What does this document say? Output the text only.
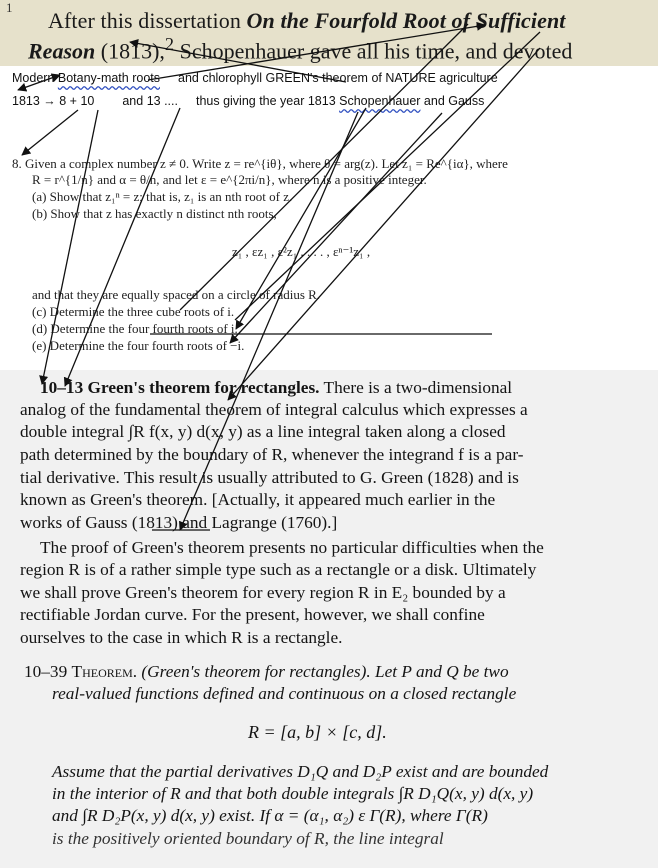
1
After this dissertation On the Fourfold Root of Sufficient
Reason (1813),$^2$ Schopenhauer gave all his time, and devoted
Modern Botany-math roots and chlorophyll GREEN's theorem of NATURE agriculture
1813 → 8 + 10 and 13 .... thus giving the year 1813 Schopenhauer and Gauss
8. Given a complex number z ≠ 0. Write z = re^{iθ}, where θ = arg(z). Let z₁ = Re^{iα}, where
R = r^{1/n} and α = θ/n, and let ε = e^{2πi/n}, where n is a positive integer.
(a) Show that z₁ⁿ = z; that is, z₁ is an nth root of z.
(b) Show that z has exactly n distinct nth roots,
z₁ , εz₁ , ε²z₁ , . . . , εⁿ⁻¹z₁ ,
and that they are equally spaced on a circle of radius R.
(c) Determine the three cube roots of i.
(d) Determine the four fourth roots of i.
(e) Determine the four fourth roots of −i.
10–13 Green's theorem for rectangles. There is a two-dimensional
analog of the fundamental theorem of integral calculus which expresses a
double integral ∫R f(x, y) d(x, y) as a line integral taken along a closed
path determined by the boundary of R, whenever the integrand f is a par-
tial derivative. This result is usually attributed to G. Green (1828) and is
known as Green's theorem. [Actually, it appeared much earlier in the
works of Gauss (1813) and Lagrange (1760).]
The proof of Green's theorem presents no particular difficulties when the
region R is of a rather simple type such as a rectangle or a disk. Ultimately
we shall prove Green's theorem for every region R in E₂ bounded by a
rectifiable Jordan curve. For the present, however, we shall confine
ourselves to the case in which R is a rectangle.
10–39 Theorem. (Green's theorem for rectangles). Let P and Q be two
real-valued functions defined and continuous on a closed rectangle
R = [a, b] × [c, d].
Assume that the partial derivatives D₁Q and D₂P exist and are bounded
in the interior of R and that both double integrals ∫R D₁Q(x, y) d(x, y)
and ∫R D₂P(x, y) d(x, y) exist. If α = (α₁, α₂) ε Γ(R), where Γ(R)
is the positively oriented boundary of R, the line integral
